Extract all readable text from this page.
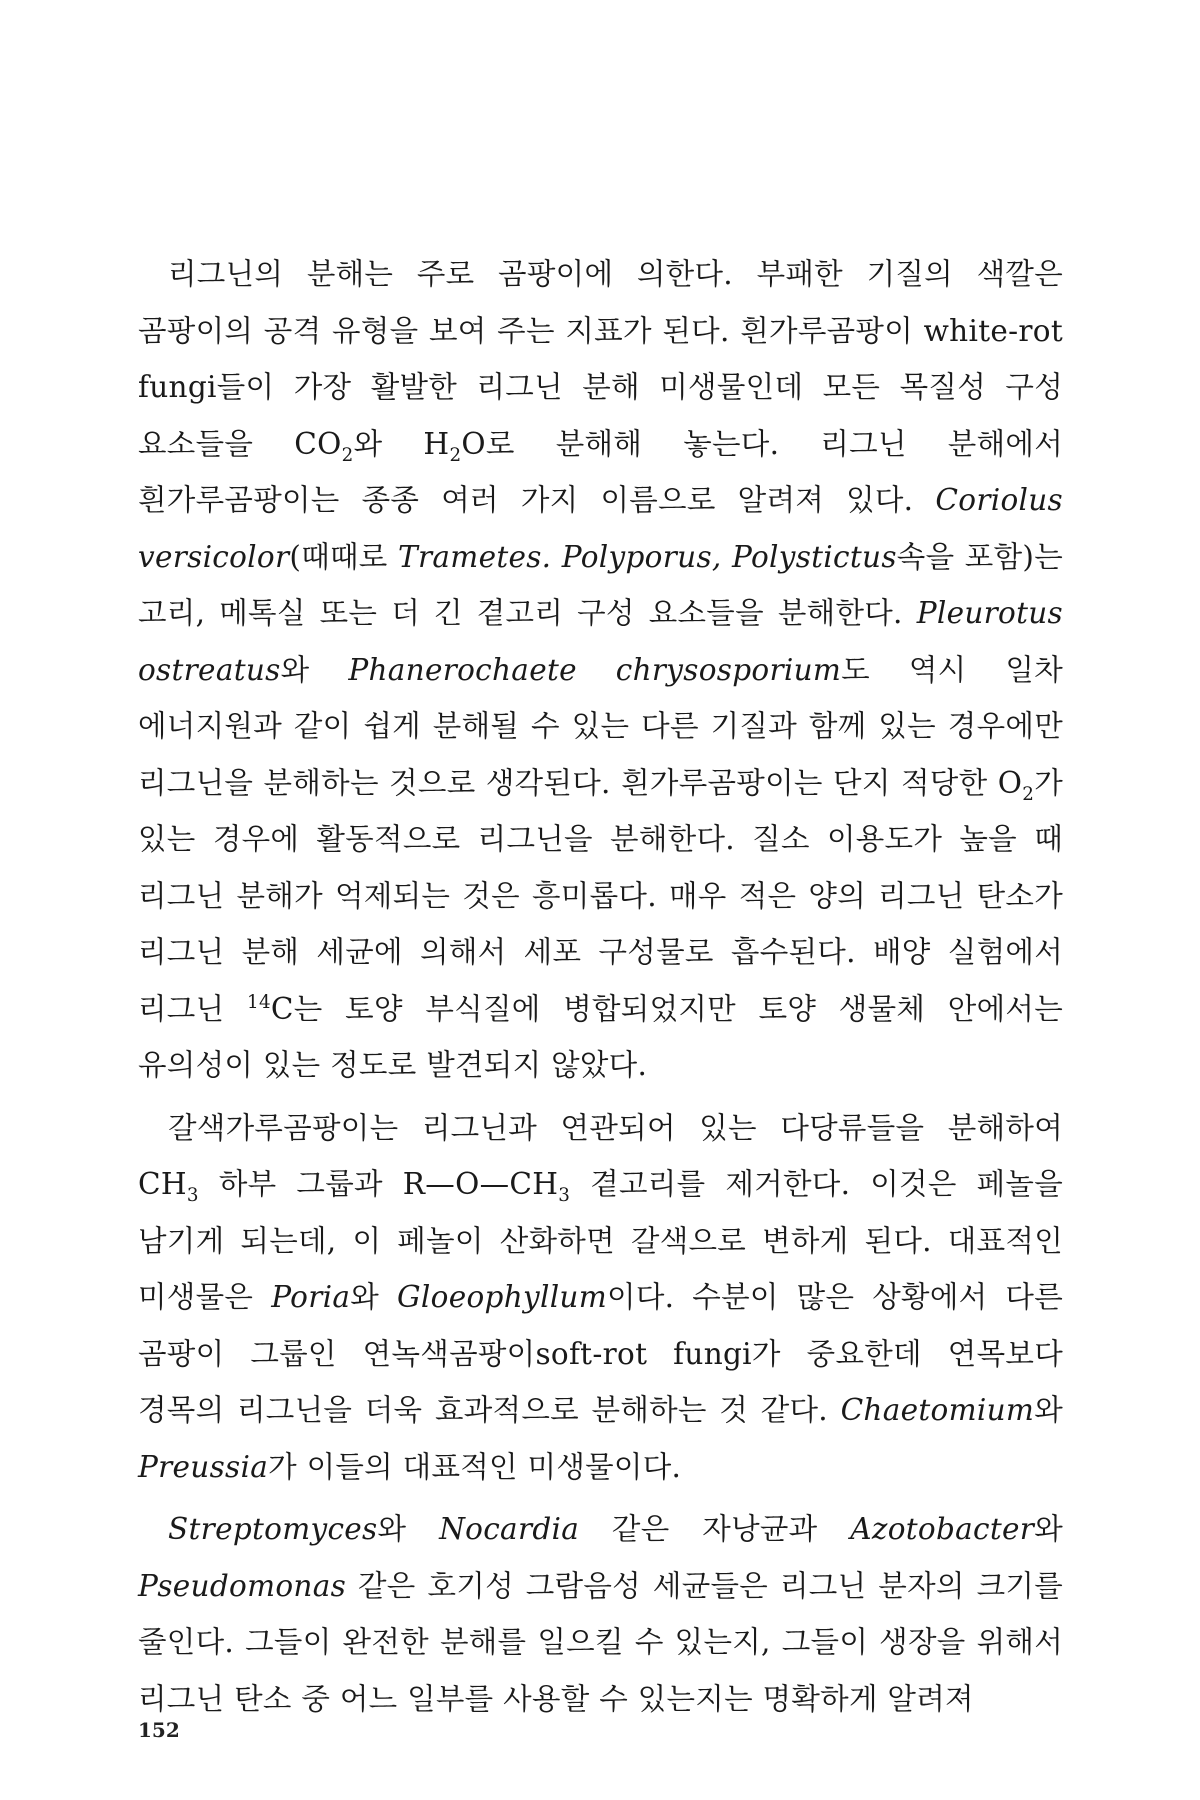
리그닌의 분해는 주로 곰팡이에 의한다. 부패한 기질의 색깔은 곰팡이의 공격 유형을 보여 주는 지표가 된다. 흰가루곰팡이 white-rot fungi들이 가장 활발한 리그닌 분해 미생물인데 모든 목질성 구성 요소들을 $CO_2$와 $H_2O$로 분해해 놓는다. 리그닌 분해에서 흰가루곰팡이는 종종 여러 가지 이름으로 알려져 있다. Coriolus versicolor(때때로 Trametes. Polyporus, Polystictus속을 포함)는 고리, 메톡실 또는 더 긴 곁고리 구성 요소들을 분해한다. Pleurotus ostreatus와 Phanerochaete chrysosporium도 역시 일차 에너지원과 같이 쉽게 분해될 수 있는 다른 기질과 함께 있는 경우에만 리그닌을 분해하는 것으로 생각된다. 흰가루곰팡이는 단지 적당한 $O_2$가 있는 경우에 활동적으로 리그닌을 분해한다. 질소 이용도가 높을 때 리그닌 분해가 억제되는 것은 흥미롭다. 매우 적은 양의 리그닌 탄소가 리그닌 분해 세균에 의해서 세포 구성물로 흡수된다. 배양 실험에서 리그닌 $^{14}$C는 토양 부식질에 병합되었지만 토양 생물체 안에서는 유의성이 있는 정도로 발견되지 않았다.

갈색가루곰팡이는 리그닌과 연관되어 있는 다당류들을 분해하여 $CH_3$ 하부 그룹과 $R—O—CH_3$ 곁고리를 제거한다. 이것은 페놀을 남기게 되는데, 이 페놀이 산화하면 갈색으로 변하게 된다. 대표적인 미생물은 Poria와 Gloeophyllum이다. 수분이 많은 상황에서 다른 곰팡이 그룹인 연녹색곰팡이soft-rot fungi가 중요한데 연목보다 경목의 리그닌을 더욱 효과적으로 분해하는 것 같다. Chaetomium와 Preussia가 이들의 대표적인 미생물이다.

Streptomyces와 Nocardia 같은 자낭균과 Azotobacter와 Pseudomonas 같은 호기성 그람음성 세균들은 리그닌 분자의 크기를 줄인다. 그들이 완전한 분해를 일으킬 수 있는지, 그들이 생장을 위해서 리그닌 탄소 중 어느 일부를 사용할 수 있는지는 명확하게 알려져

152
